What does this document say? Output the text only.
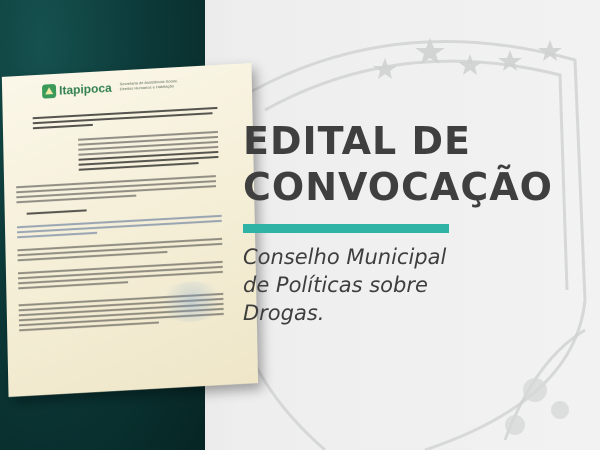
Itapipoca Secretaria de Assistência Social, Direitos Humanos e Habitação
EDITAL DE
CONVOCAÇÃO
Conselho Municipal
de Políticas sobre
Drogas.
